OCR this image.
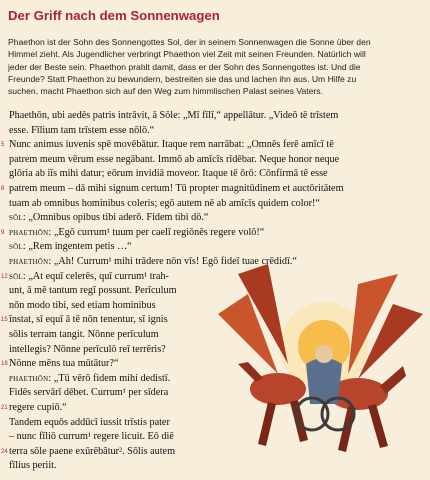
Der Griff nach dem Sonnenwagen
Phaethon ist der Sohn des Sonnengottes Sol, der in seinem Sonnenwagen die Sonne über den
Himmel zieht. Als Jugendlicher verbringt Phaethon viel Zeit mit seinen Freunden. Natürlich will
jeder der Beste sein. Phaethon prahlt damit, dass er der Sohn des Sonnengottes ist. Und die
Freunde? Statt Phaethon zu bewundern, bestreiten sie das und lachen ihn aus. Um Hilfe zu
suchen, macht Phaethon sich auf den Weg zum himmlischen Palast seines Vaters.
Phaethōn, ubi aedēs patris intrāvit, ā Sōle: „Mī fīlī,“ appellātur. „Videō tē trīstem
esse. Fīlium tam trīstem esse nōlō.“
5 Nunc animus iuvenis spē movēbātur. Itaque rem narrābat: „Omnēs ferē amīcī tē
patrem meum vērum esse negābant. Immō ab amīcīs rīdēbar. Neque honor neque
glōria ab iīs mihi datur; eōrum invidiā moveor. Itaque tē ōrō: Cōnfirmā tē esse
8 patrem meum – dā mihi signum certum! Tū propter magnitūdinem et auctōritātem
tuam ab omnibus hominibus coleris; egō autem nē ab amīcīs quidem color!“
sōl: „Omnibus opibus tibi aderō. Fidem tibi dō.“
9 phaethōn: „Egō currum¹ tuum per caelī regiōnēs regere volō!“
sōl: „Rem ingentem petis …“
phaethōn: „Ah! Currum¹ mihi trādere nōn vīs! Egō fideī tuae crēdidī.“
12 sōl: „At equī celerēs, quī currum¹ trah-
unt, ā mē tantum regī possunt. Perīculum
nōn modo tibi, sed etiam hominibus
15 īnstat, sī equī ā tē nōn tenentur, sī ignis
sōlis terram tangit. Nōnne perīculum
intellegis? Nōnne perīculō reī terrēris?
18 Nōnne mēns tua mūtātur?“
phaethōn: „Tū vērō fidem mihi dedistī.
Fidēs servārī dēbet. Currum¹ per sīdera
21 regere cupiō.“
Tandem equōs addūcī iussit trīstis pater
– nunc fīliō currum¹ regere licuit. Eō diē
24 terra sōle paene exūrēbātur². Sōlis autem
fīlius periit.
